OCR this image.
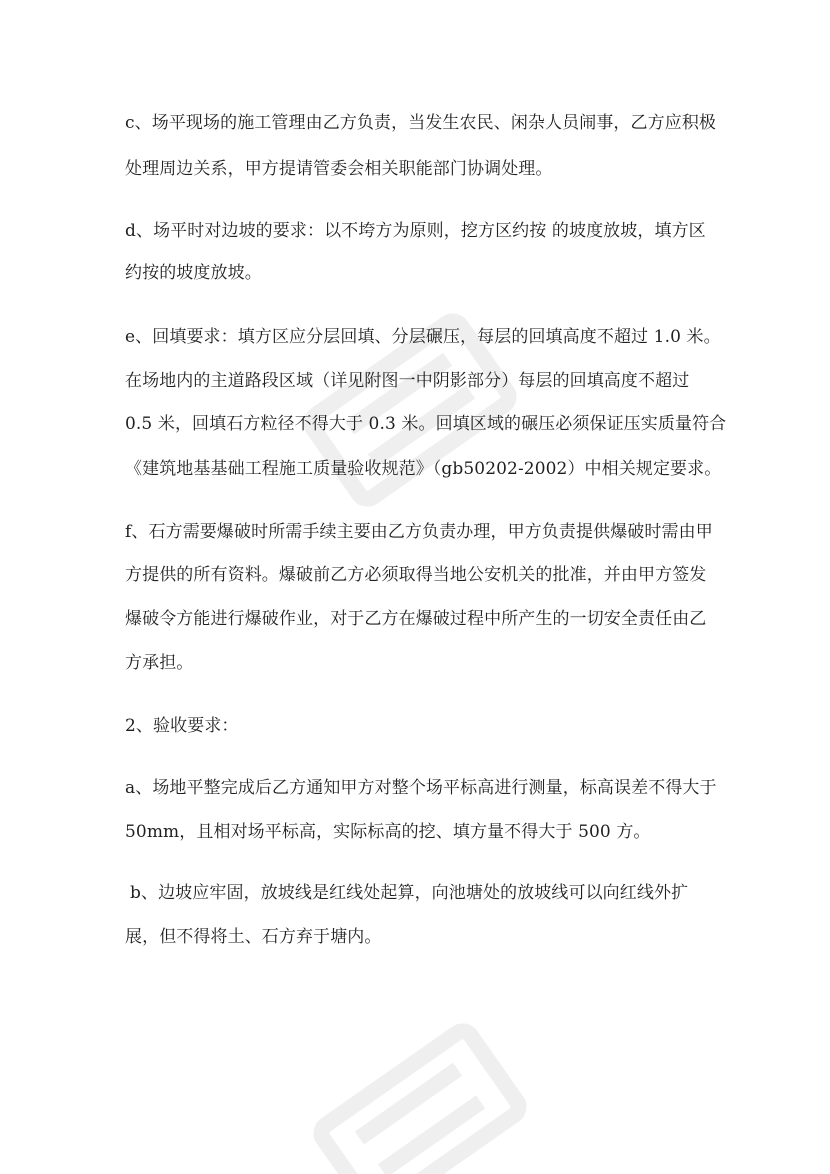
c、场平现场的施工管理由乙方负责，当发生农民、闲杂人员闹事，乙方应积极

处理周边关系，甲方提请管委会相关职能部门协调处理。

d、场平时对边坡的要求：以不垮方为原则，挖方区约按 的坡度放坡，填方区

约按的坡度放坡。

e、回填要求：填方区应分层回填、分层碾压，每层的回填高度不超过 1.0 米。

在场地内的主道路段区域（详见附图一中阴影部分）每层的回填高度不超过

0.5 米，回填石方粒径不得大于 0.3 米。回填区域的碾压必须保证压实质量符合

《建筑地基基础工程施工质量验收规范》（gb50202-2002）中相关规定要求。

f、石方需要爆破时所需手续主要由乙方负责办理，甲方负责提供爆破时需由甲

方提供的所有资料。爆破前乙方必须取得当地公安机关的批准，并由甲方签发

爆破令方能进行爆破作业，对于乙方在爆破过程中所产生的一切安全责任由乙

方承担。

2、验收要求：

a、场地平整完成后乙方通知甲方对整个场平标高进行测量，标高误差不得大于

50mm，且相对场平标高，实际标高的挖、填方量不得大于 500 方。

b、边坡应牢固，放坡线是红线处起算，向池塘处的放坡线可以向红线外扩

展，但不得将土、石方弃于塘内。
